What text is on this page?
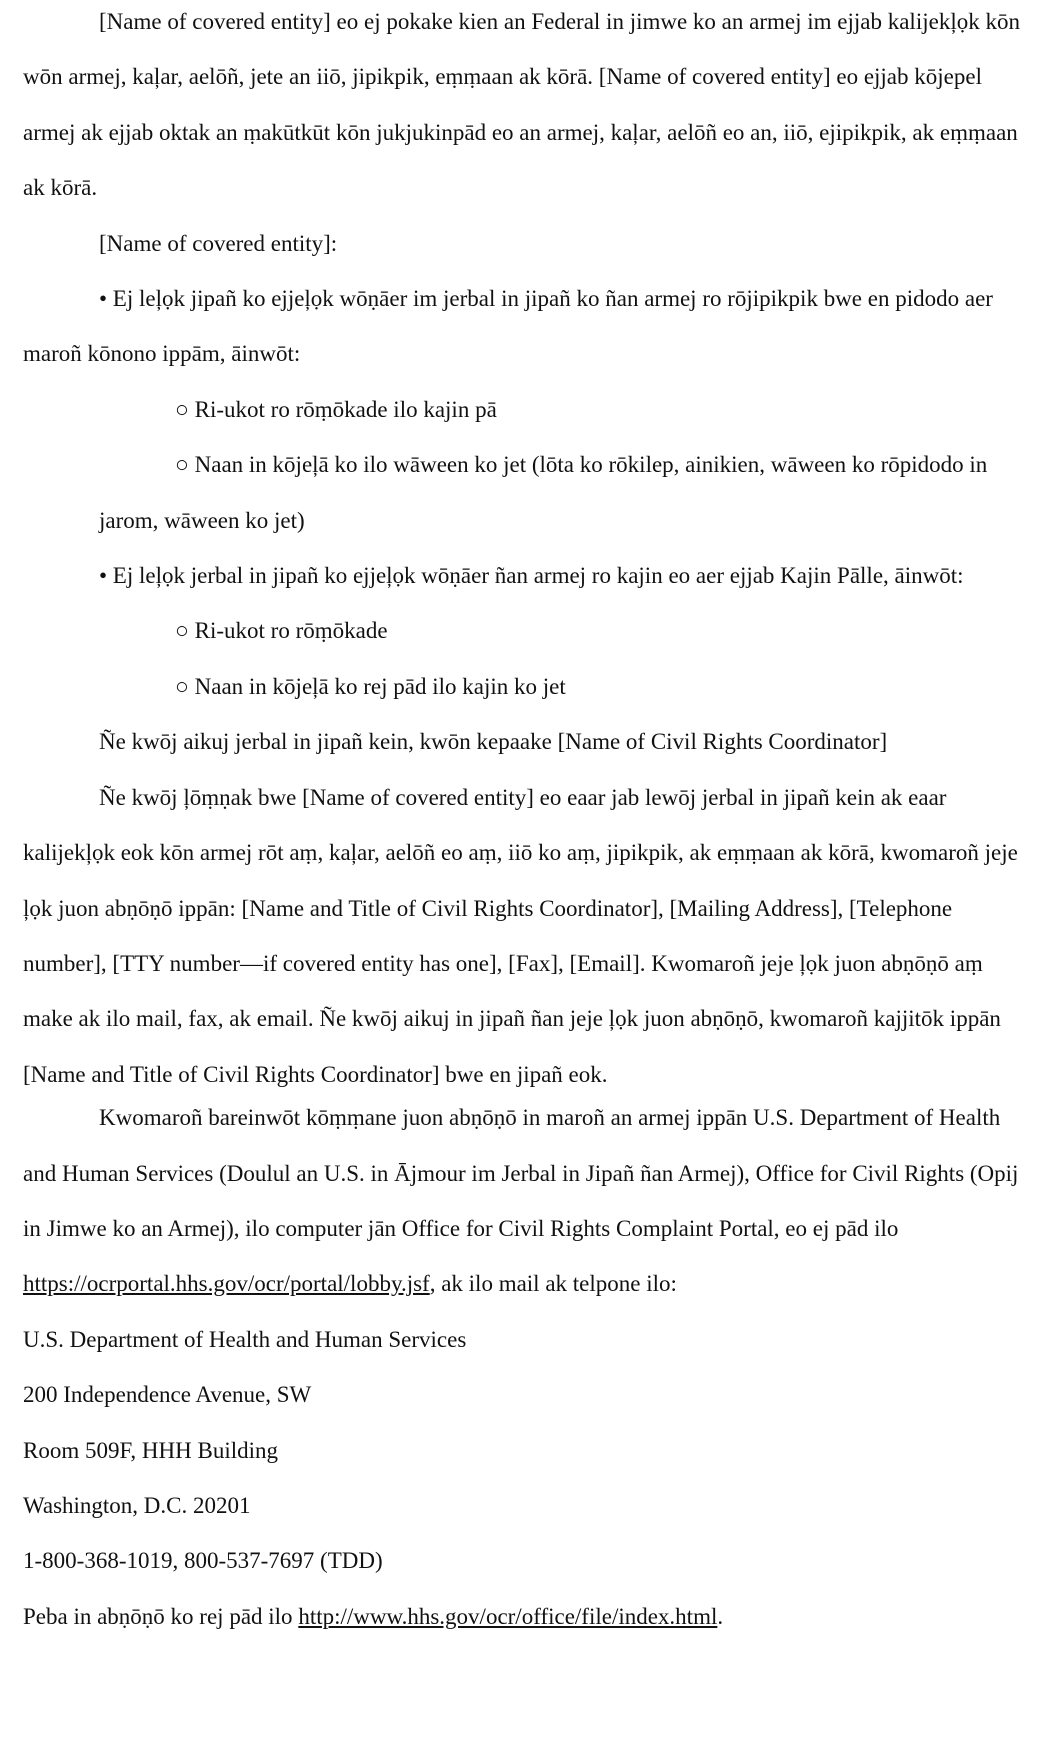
[Name of covered entity] eo ej pokake kien an Federal in jimwe ko an armej im ejjab kalijekļọk kōn wōn armej, kaļar, aelōñ, jete an iiō, jipikpik, eṃṃaan ak kōrā. [Name of covered entity] eo ejjab kōjepel armej ak ejjab oktak an ṃakūtkūt kōn jukjukinpād eo an armej, kaļar, aelōñ eo an, iiō, ejipikpik, ak eṃṃaan ak kōrā.

[Name of covered entity]:

• Ej leļọk jipañ ko ejjeļọk wōṇāer im jerbal in jipañ ko ñan armej ro rōjipikpik bwe en pidodo aer maroñ kōnono ippām, āinwōt:

○ Ri-ukot ro rōṃōkade ilo kajin pā

○ Naan in kōjeļā ko ilo wāween ko jet (lōta ko rōkilep, ainikien, wāween ko rōpidodo in jarom, wāween ko jet)

• Ej leļọk jerbal in jipañ ko ejjeļọk wōṇāer ñan armej ro kajin eo aer ejjab Kajin Pālle, āinwōt:

○ Ri-ukot ro rōṃōkade

○ Naan in kōjeļā ko rej pād ilo kajin ko jet

Ñe kwōj aikuj jerbal in jipañ kein, kwōn kepaake [Name of Civil Rights Coordinator]

Ñe kwōj ļōṃṇak bwe [Name of covered entity] eo eaar jab lewōj jerbal in jipañ kein ak eaar kalijekļọk eok kōn armej rōt aṃ, kaļar, aelōñ eo aṃ, iiō ko aṃ, jipikpik, ak eṃṃaan ak kōrā, kwomaroñ jeje ļọk juon abṇōṇō ippān: [Name and Title of Civil Rights Coordinator], [Mailing Address], [Telephone number], [TTY number—if covered entity has one], [Fax], [Email]. Kwomaroñ jeje ļọk juon abṇōṇō aṃ make ak ilo mail, fax, ak email. Ñe kwōj aikuj in jipañ ñan jeje ļọk juon abṇōṇō, kwomaroñ kajjitōk ippān [Name and Title of Civil Rights Coordinator] bwe en jipañ eok.

Kwomaroñ bareinwōt kōṃṃane juon abṇōṇō in maroñ an armej ippān U.S. Department of Health and Human Services (Doulul an U.S. in Ājmour im Jerbal in Jipañ ñan Armej), Office for Civil Rights (Opij in Jimwe ko an Armej), ilo computer jān Office for Civil Rights Complaint Portal, eo ej pād ilo https://ocrportal.hhs.gov/ocr/portal/lobby.jsf, ak ilo mail ak telpone ilo:

U.S. Department of Health and Human Services

200 Independence Avenue, SW

Room 509F, HHH Building

Washington, D.C. 20201

1-800-368-1019, 800-537-7697 (TDD)

Peba in abṇōṇō ko rej pād ilo http://www.hhs.gov/ocr/office/file/index.html.
